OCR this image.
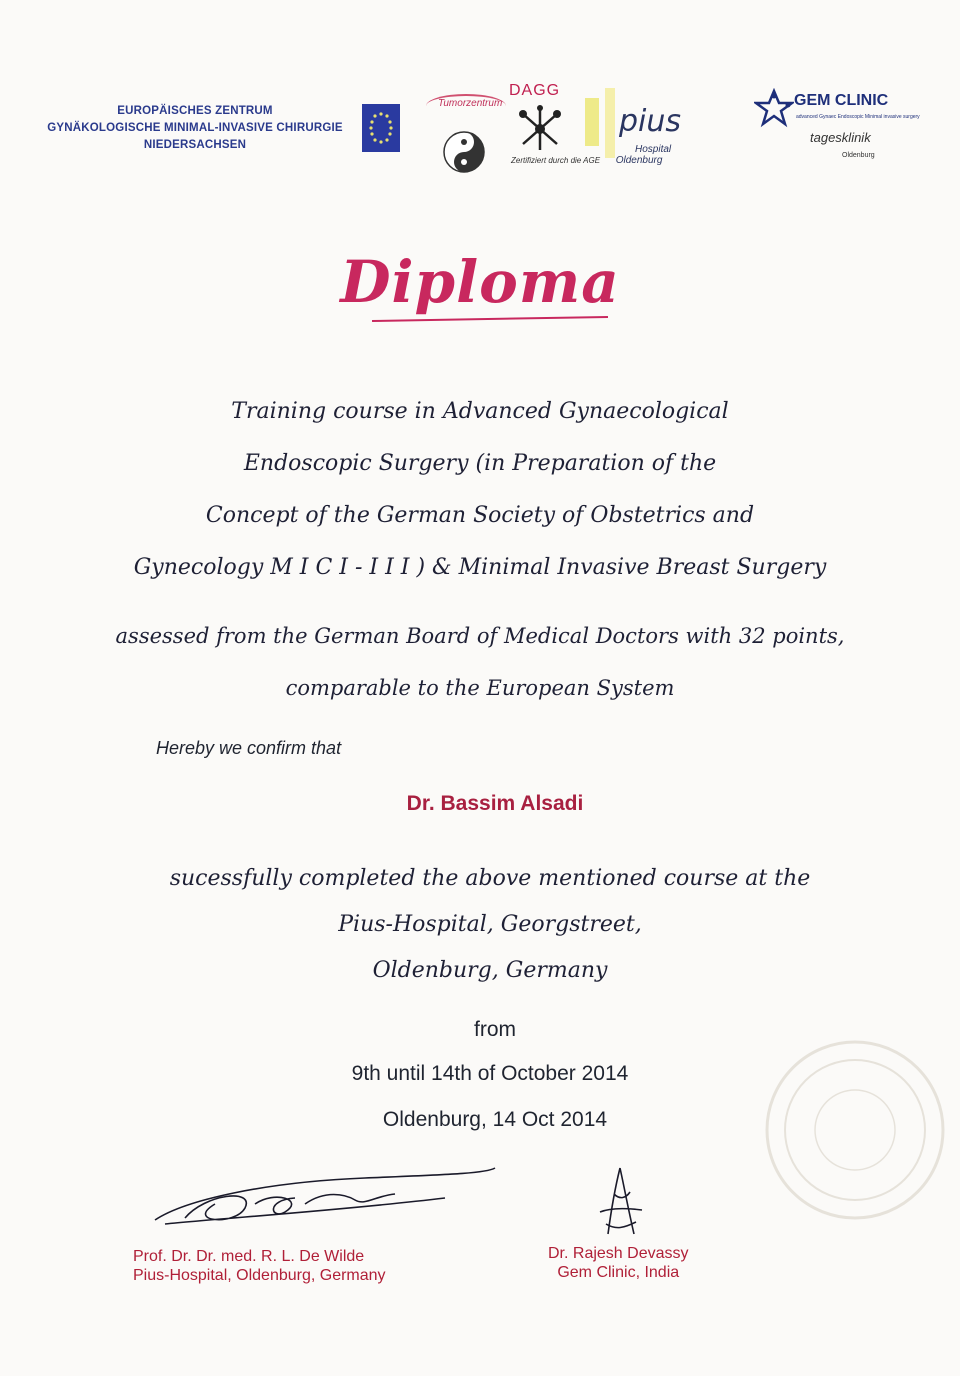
EUROPÄISCHES ZENTRUM
GYNÄKOLOGISCHE MINIMAL-INVASIVE CHIRURGIE
NIEDERSACHSEN
Tumorzentrum
DAGG
Zertifiziert durch die AGE
pius
Hospital
Oldenburg
GEM CLINIC
advanced Gynaec Endoscopic Minimal invasive surgery
tagesklinik
Oldenburg
Diploma
Training course in Advanced Gynaecological
Endoscopic Surgery (in Preparation of the
Concept of the German Society of Obstetrics and
Gynecology M I C I - I I I ) & Minimal Invasive Breast Surgery
assessed from the German Board of Medical Doctors with 32 points,
comparable to the European System
Hereby we confirm that
Dr. Bassim Alsadi
sucessfully completed the above mentioned course at the
Pius-Hospital, Georgstreet,
Oldenburg, Germany
from
9th until 14th of October 2014
Oldenburg, 14 Oct 2014
Prof. Dr. Dr. med. R. L. De Wilde
Pius-Hospital, Oldenburg, Germany
Dr. Rajesh Devassy
Gem Clinic, India
